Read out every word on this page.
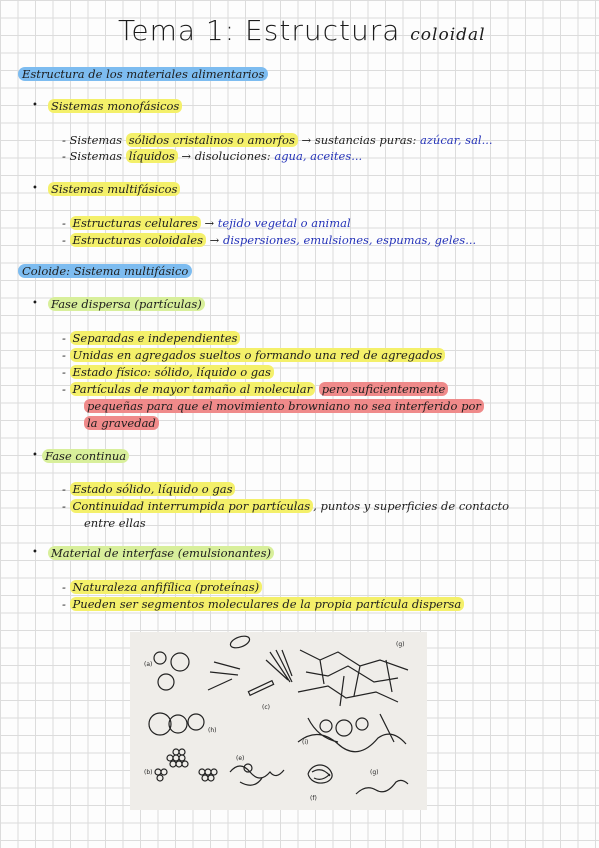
Tema 1: Estructura coloidal
Estructura de los materiales alimentarios
• Sistemas monofásicos
- Sistemas sólidos cristalinos o amorfos → sustancias puras: azúcar, sal...
- Sistemas líquidos → disoluciones: agua, aceites...
• Sistemas multifásicos
- Estructuras celulares → tejido vegetal o animal
- Estructuras coloidales → dispersiones, emulsiones, espumas, geles...
Coloide: Sistema multifásico
• Fase dispersa (partículas)
- Separadas e independientes
- Unidas en agregados sueltos o formando una red de agregados
- Estado físico: sólido, líquido o gas
- Partículas de mayor tamaño al molecular pero suficientemente
pequeñas para que el movimiento browniano no sea interferido por
la gravedad
• Fase continua
- Estado sólido, líquido o gas
- Continuidad interrumpida por partículas , puntos y superficies de contacto
entre ellas
• Material de interfase (emulsionantes)
- Naturaleza anfifílica (proteínas)
- Pueden ser segmentos moleculares de la propia partícula dispersa
(a)
(c)
(h)
(b)
(e)
(f)
(g)
(i)
(g)
